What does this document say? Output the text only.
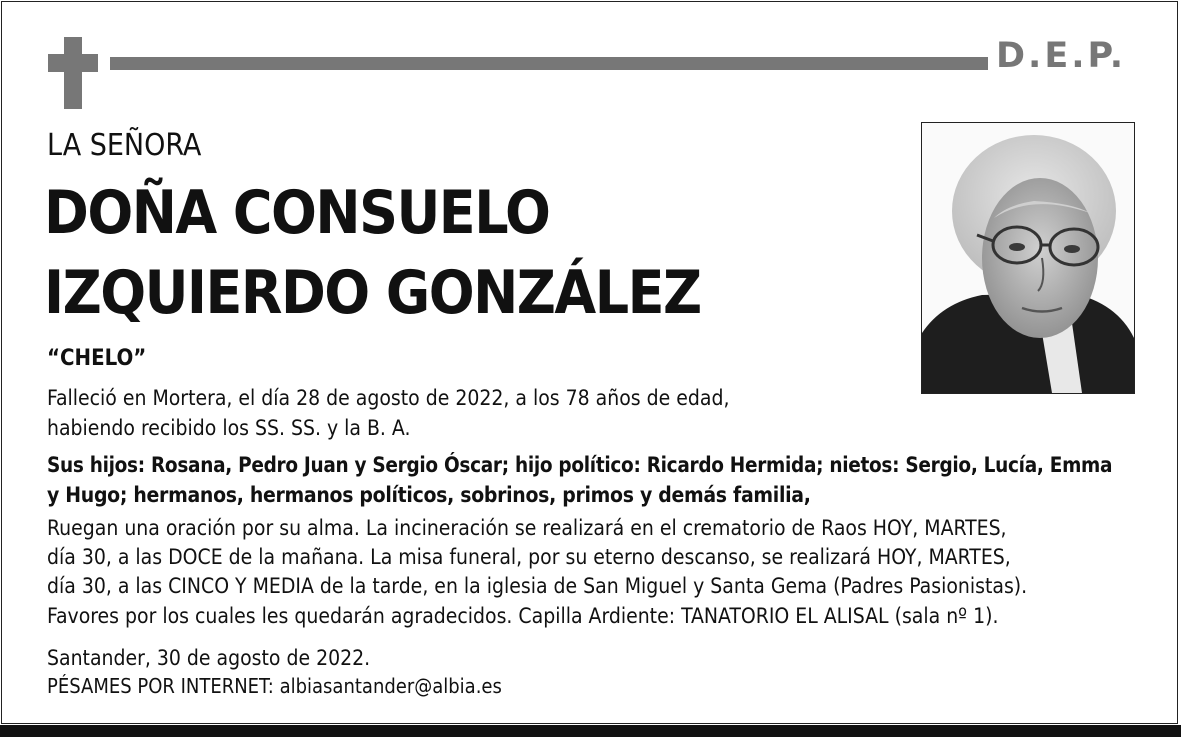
D.E.P.
LA SEÑORA
DOÑA CONSUELO
IZQUIERDO GONZÁLEZ
“CHELO”
Falleció en Mortera, el día 28 de agosto de 2022, a los 78 años de edad,
habiendo recibido los SS. SS. y la B. A.
Sus hijos: Rosana, Pedro Juan y Sergio Óscar; hijo político: Ricardo Hermida; nietos: Sergio, Lucía, Emma
y Hugo; hermanos, hermanos políticos, sobrinos, primos y demás familia,
Ruegan una oración por su alma. La incineración se realizará en el crematorio de Raos HOY, MARTES,
día 30, a las DOCE de la mañana. La misa funeral, por su eterno descanso, se realizará HOY, MARTES,
día 30, a las CINCO Y MEDIA de la tarde, en la iglesia de San Miguel y Santa Gema (Padres Pasionistas).
Favores por los cuales les quedarán agradecidos. Capilla Ardiente: TANATORIO EL ALISAL (sala nº 1).
Santander, 30 de agosto de 2022.
PÉSAMES POR INTERNET: albiasantander@albia.es
